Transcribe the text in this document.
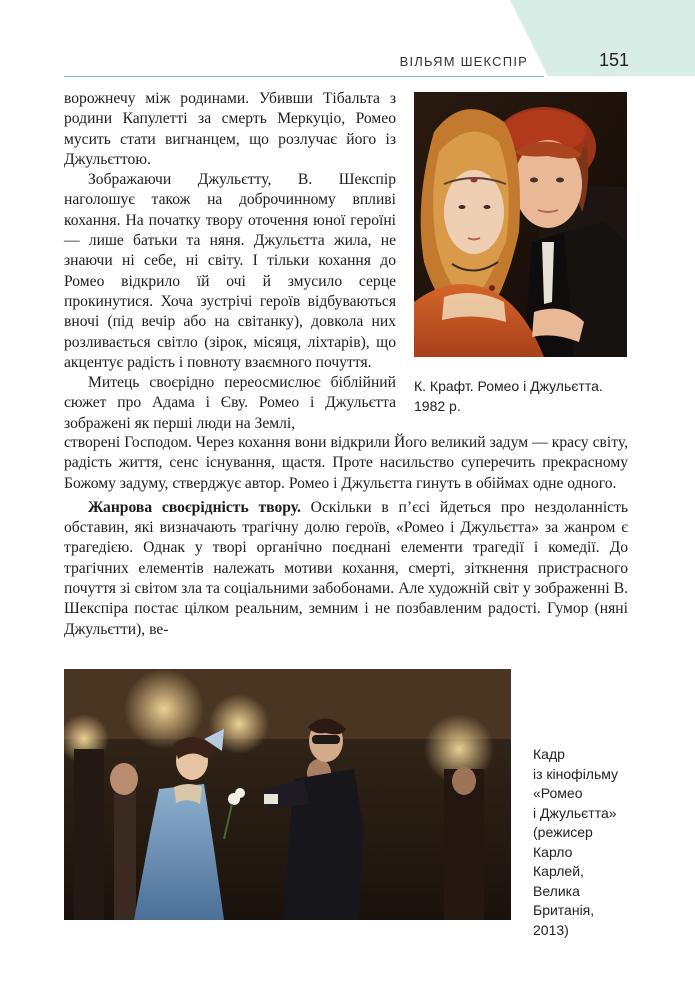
ВІЛЬЯМ ШЕКСПІР	151

ворожнечу між родинами. Убивши Тібальта з родини Капулетті за смерть Меркуціо, Ромео мусить стати вигнанцем, що розлучає його із Джульєттою.

Зображаючи Джульєтту, В. Шекспір наголошує також на доброчинному впливі кохання. На початку твору оточення юної героїні — лише батьки та няня. Джульєтта жила, не знаючи ні себе, ні світу. І тільки кохання до Ромео відкрило їй очі й змусило серце прокинутися. Хоча зустрічі героїв відбуваються вночі (під вечір або на світанку), довкола них розливається світло (зірок, місяця, ліхтарів), що акцентує радість і повноту взаємного почуття.

Митець своєрідно переосмислює біблійний сюжет про Адама і Єву. Ромео і Джульєтта зображені як перші люди на Землі,

К. Крафт. Ромео і Джульєтта.
1982 р.

створені Господом. Через кохання вони відкрили Його великий задум — красу світу, радість життя, сенс існування, щастя. Проте насильство суперечить прекрасному Божому задуму, стверджує автор. Ромео і Джульєтта гинуть в обіймах одне одного.

Жанрова своєрідність твору. Оскільки в п’єсі йдеться про нездоланність обставин, які визначають трагічну долю героїв, «Ромео і Джульєтта» за жанром є трагедією. Однак у творі органічно поєднані елементи трагедії і комедії. До трагічних елементів належать мотиви кохання, смерті, зіткнення пристрасного почуття зі світом зла та соціальними забобонами. Але художній світ у зображенні В. Шекспіра постає цілком реальним, земним і не позбавленим радості. Гумор (няні Джульєтти), ве-

Кадр
із кінофільму
«Ромео
і Джульєтта»
(режисер
Карло
Карлей,
Велика
Британія,
2013)
